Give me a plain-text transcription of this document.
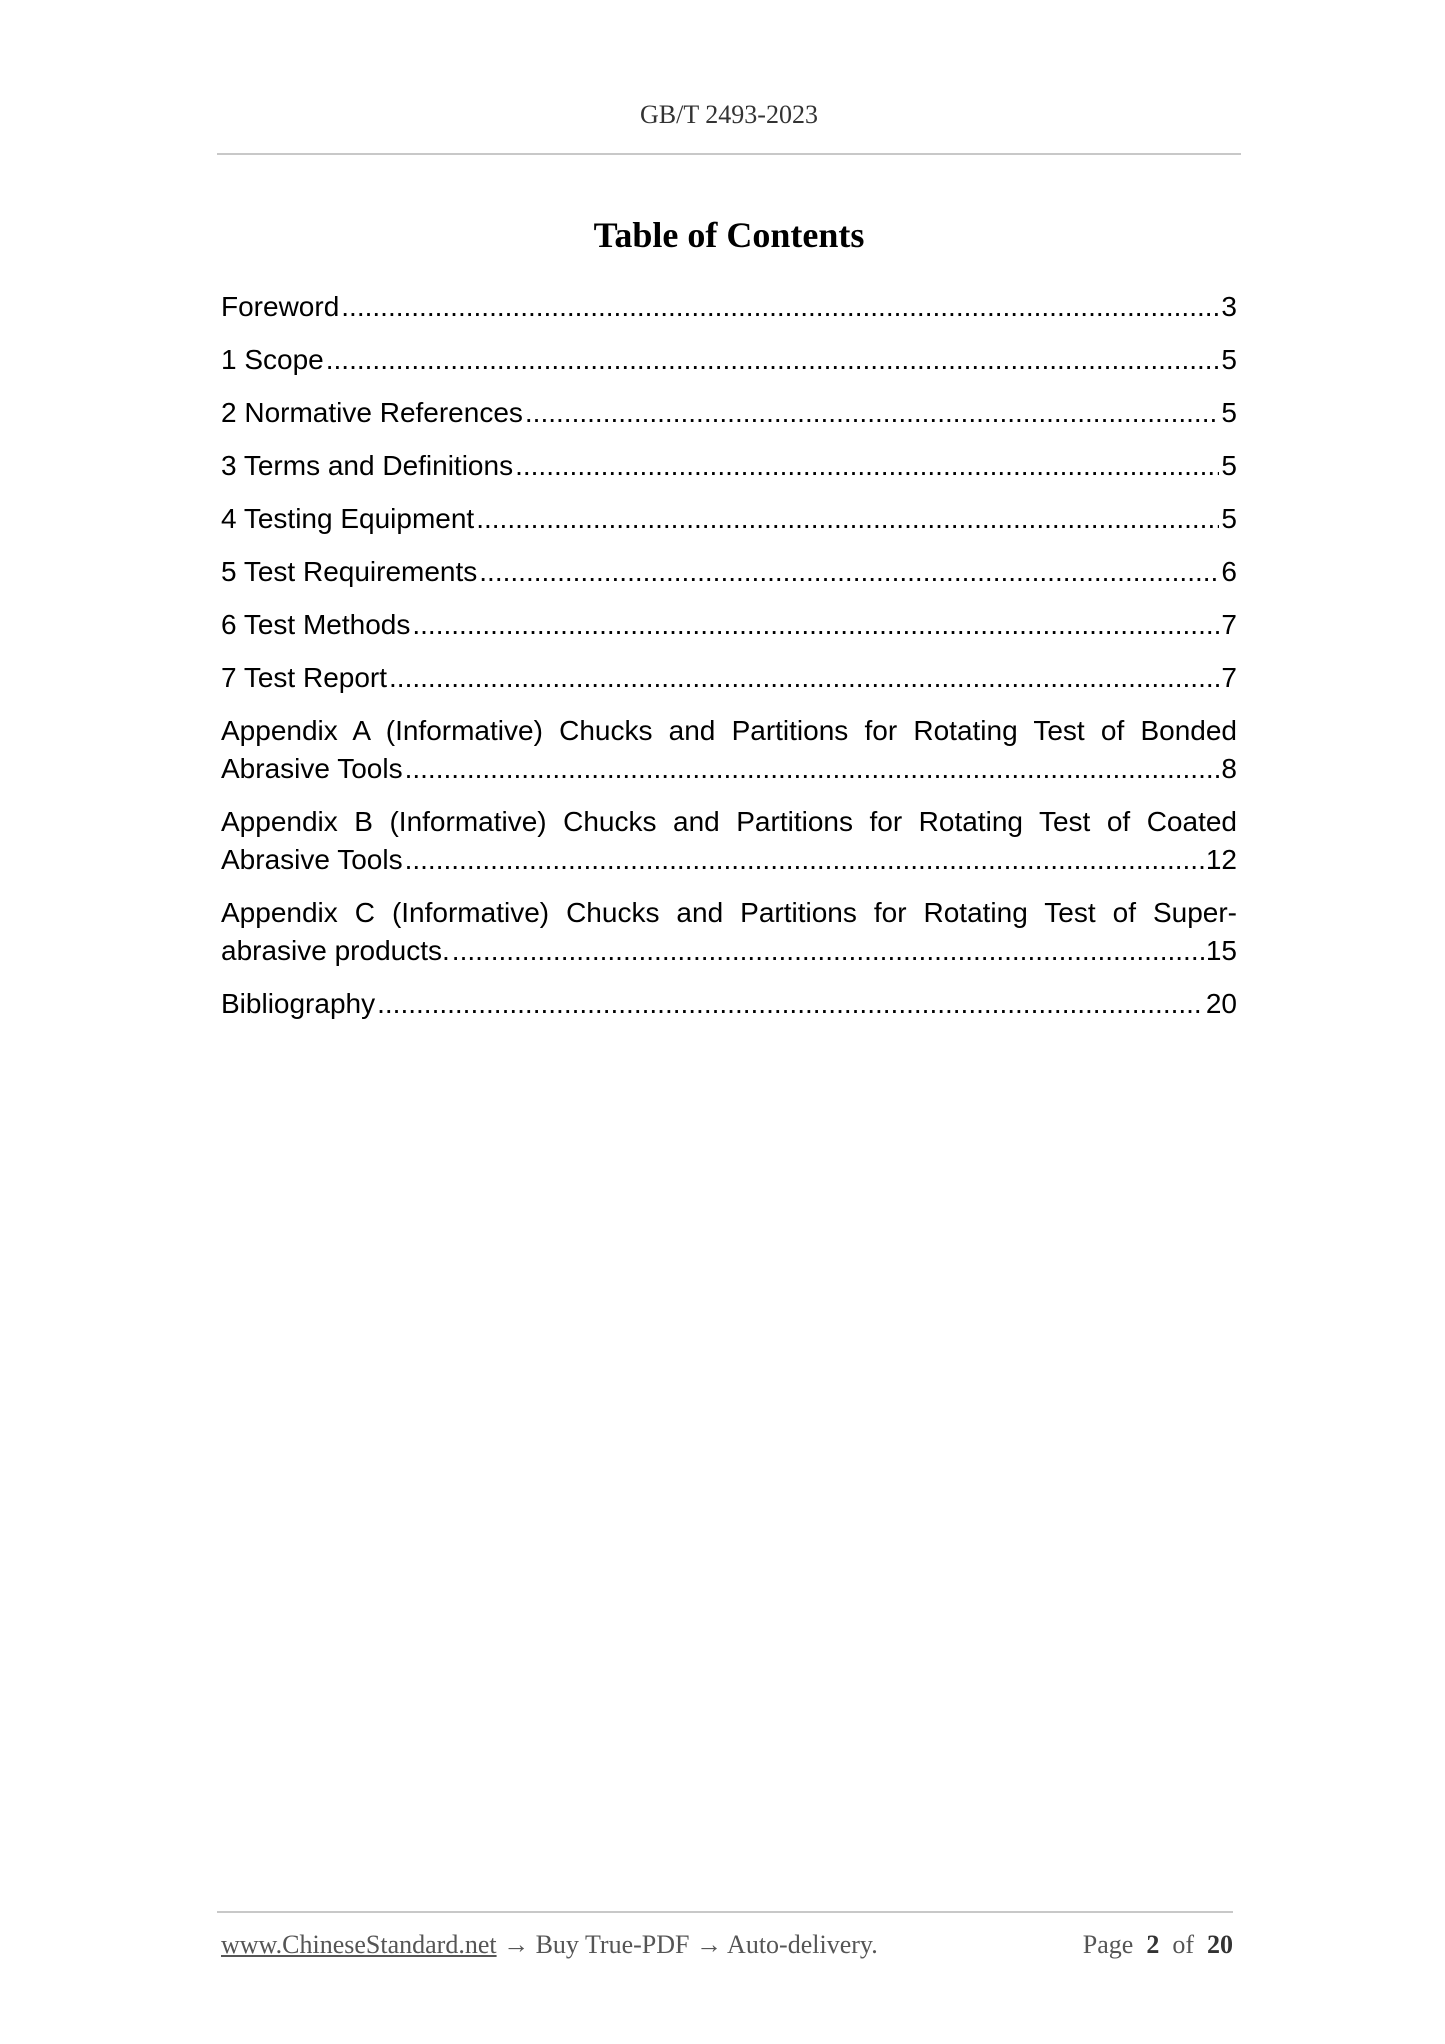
GB/T 2493-2023
Table of Contents
Foreword .....	3
1 Scope .....	5
2 Normative References .....	5
3 Terms and Definitions .....	5
4 Testing Equipment .....	5
5 Test Requirements .....	6
6 Test Methods .....	7
7 Test Report .....	7
Appendix A (Informative) Chucks and Partitions for Rotating Test of Bonded
Abrasive Tools .....	8
Appendix B (Informative) Chucks and Partitions for Rotating Test of Coated
Abrasive Tools .....	12
Appendix C (Informative) Chucks and Partitions for Rotating Test of Super-
abrasive products. .....	15
Bibliography .....	20
www.ChineseStandard.net → Buy True-PDF → Auto-delivery.	Page 2 of 20
